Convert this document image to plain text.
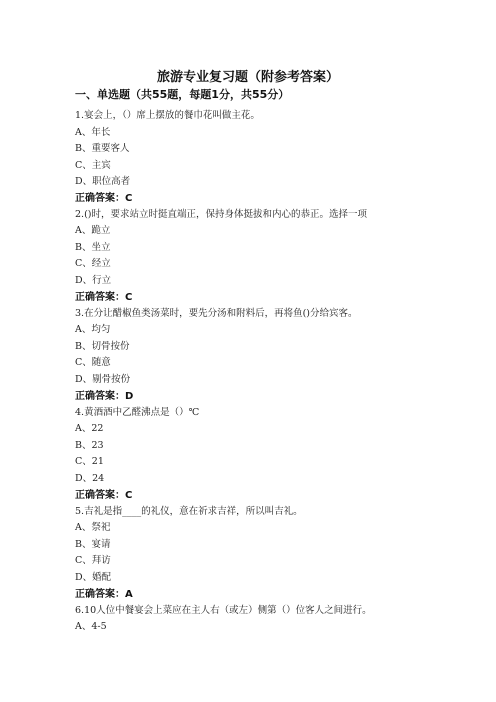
旅游专业复习题（附参考答案）
一、单选题（共55题，每题1分，共55分）
1.宴会上，（）席上摆放的餐巾花叫做主花。
A、年长
B、重要客人
C、主宾
D、职位高者
正确答案：C
2.()时，要求站立时挺直端正，保持身体挺拔和内心的恭正。选择一项
A、跪立
B、坐立
C、经立
D、行立
正确答案：C
3.在分让醋椒鱼类汤菜时，要先分汤和附料后，再将鱼()分给宾客。
A、均匀
B、切骨按份
C、随意
D、剔骨按份
正确答案：D
4.黄酒酒中乙醛沸点是（）℃
A、22
B、23
C、21
D、24
正确答案：C
5.吉礼是指____的礼仪，意在祈求吉祥，所以叫吉礼。
A、祭祀
B、宴请
C、拜访
D、婚配
正确答案：A
6.10人位中餐宴会上菜应在主人右（或左）侧第（）位客人之间进行。
A、4-5
